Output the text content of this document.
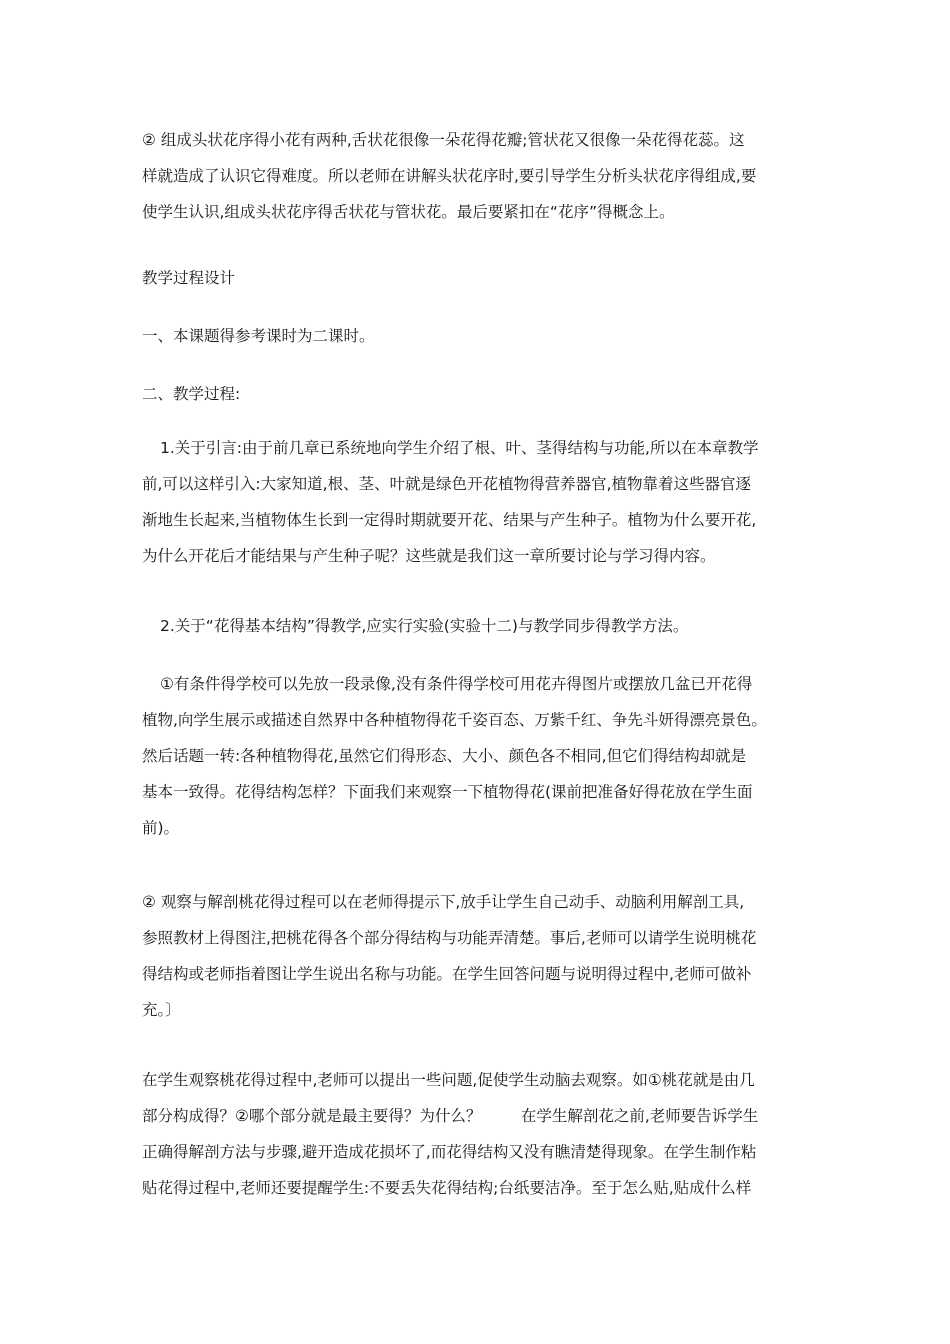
② 组成头状花序得小花有两种,舌状花很像一朵花得花瓣;管状花又很像一朵花得花蕊。这
样就造成了认识它得难度。所以老师在讲解头状花序时,要引导学生分析头状花序得组成,要
使学生认识,组成头状花序得舌状花与管状花。最后要紧扣在“花序”得概念上。
教学过程设计
一、本课题得参考课时为二课时。
二、教学过程:
1.关于引言:由于前几章已系统地向学生介绍了根、叶、茎得结构与功能,所以在本章教学
前,可以这样引入:大家知道,根、茎、叶就是绿色开花植物得营养器官,植物靠着这些器官逐
渐地生长起来,当植物体生长到一定得时期就要开花、结果与产生种子。植物为什么要开花,
为什么开花后才能结果与产生种子呢？这些就是我们这一章所要讨论与学习得内容。
2.关于“花得基本结构”得教学,应实行实验(实验十二)与教学同步得教学方法。
①有条件得学校可以先放一段录像,没有条件得学校可用花卉得图片或摆放几盆已开花得
植物,向学生展示或描述自然界中各种植物得花千姿百态、万紫千红、争先斗妍得漂亮景色。
然后话题一转:各种植物得花,虽然它们得形态、大小、颜色各不相同,但它们得结构却就是
基本一致得。花得结构怎样？下面我们来观察一下植物得花(课前把准备好得花放在学生面
前)。
② 观察与解剖桃花得过程可以在老师得提示下,放手让学生自己动手、动脑利用解剖工具,
参照教材上得图注,把桃花得各个部分得结构与功能弄清楚。事后,老师可以请学生说明桃花
得结构或老师指着图让学生说出名称与功能。在学生回答问题与说明得过程中,老师可做补
充。〕
在学生观察桃花得过程中,老师可以提出一些问题,促使学生动脑去观察。如①桃花就是由几
部分构成得？②哪个部分就是最主要得？为什么？        在学生解剖花之前,老师要告诉学生
正确得解剖方法与步骤,避开造成花损坏了,而花得结构又没有瞧清楚得现象。在学生制作粘
贴花得过程中,老师还要提醒学生:不要丢失花得结构;台纸要洁净。至于怎么贴,贴成什么样
